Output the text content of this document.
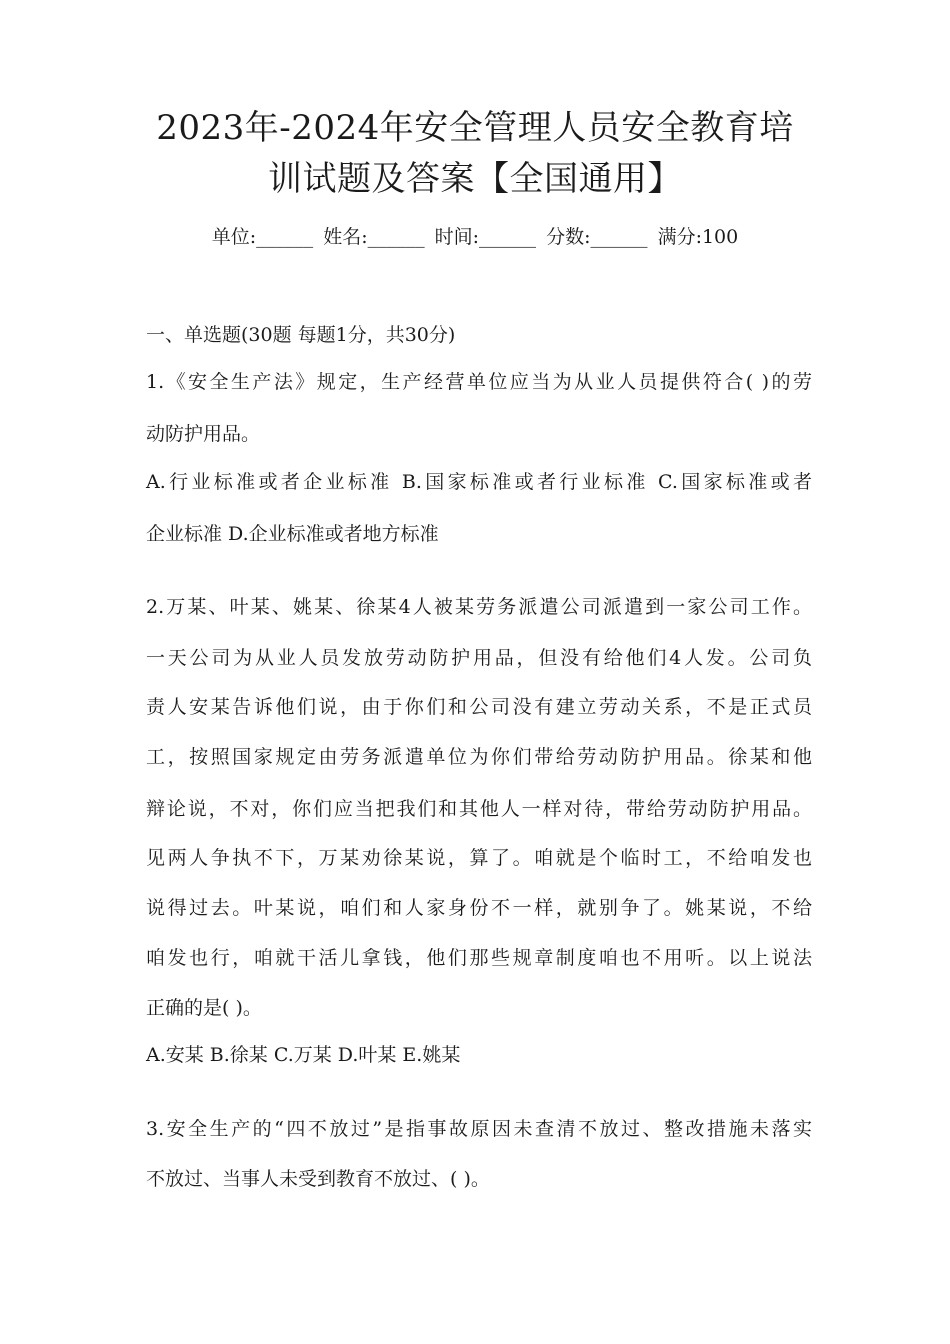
2023年-2024年安全管理人员安全教育培
训试题及答案【全国通用】
单位:______ 姓名:______ 时间:______ 分数:______ 满分:100
一、单选题(30题 每题1分，共30分)
1.《安全生产法》规定，生产经营单位应当为从业人员提供符合( )的劳
动防护用品。
A.行业标准或者企业标准 B.国家标准或者行业标准 C.国家标准或者
企业标准 D.企业标准或者地方标准
2.万某、叶某、姚某、徐某4人被某劳务派遣公司派遣到一家公司工作。
一天公司为从业人员发放劳动防护用品，但没有给他们4人发。公司负
责人安某告诉他们说，由于你们和公司没有建立劳动关系，不是正式员
工，按照国家规定由劳务派遣单位为你们带给劳动防护用品。徐某和他
辩论说，不对，你们应当把我们和其他人一样对待，带给劳动防护用品。
见两人争执不下，万某劝徐某说，算了。咱就是个临时工，不给咱发也
说得过去。叶某说，咱们和人家身份不一样，就别争了。姚某说，不给
咱发也行，咱就干活儿拿钱，他们那些规章制度咱也不用听。以上说法
正确的是( )。
A.安某 B.徐某 C.万某 D.叶某 E.姚某
3.安全生产的“四不放过”是指事故原因未查清不放过、整改措施未落实
不放过、当事人未受到教育不放过、( )。
